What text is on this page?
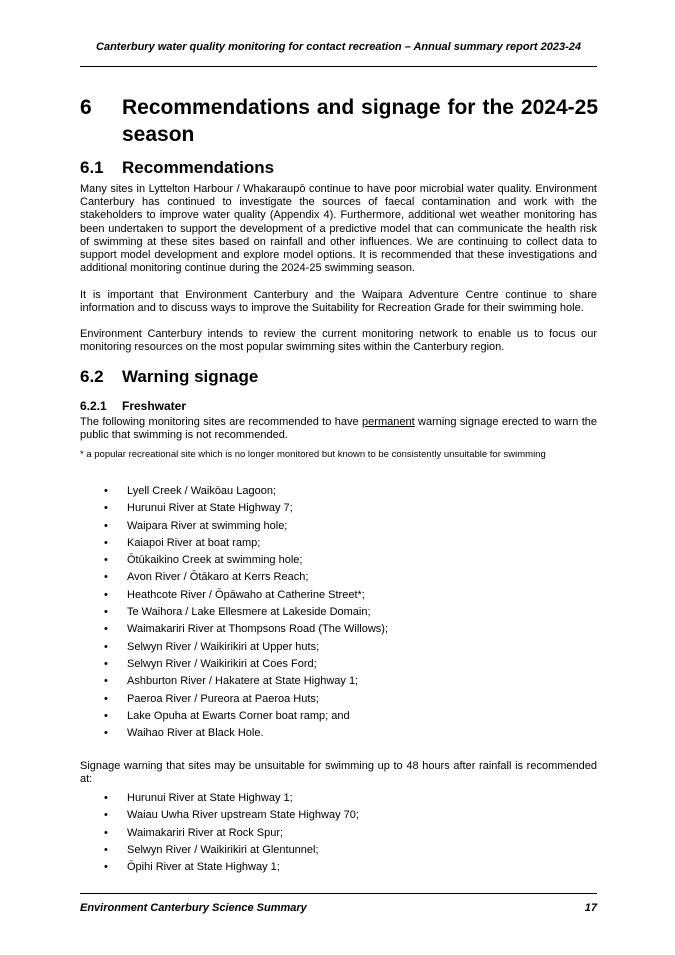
Canterbury water quality monitoring for contact recreation – Annual summary report 2023-24
6 Recommendations and signage for the 2024-25 season
6.1 Recommendations
Many sites in Lyttelton Harbour / Whakaraupō continue to have poor microbial water quality. Environment Canterbury has continued to investigate the sources of faecal contamination and work with the stakeholders to improve water quality (Appendix 4). Furthermore, additional wet weather monitoring has been undertaken to support the development of a predictive model that can communicate the health risk of swimming at these sites based on rainfall and other influences. We are continuing to collect data to support model development and explore model options. It is recommended that these investigations and additional monitoring continue during the 2024-25 swimming season.
It is important that Environment Canterbury and the Waipara Adventure Centre continue to share information and to discuss ways to improve the Suitability for Recreation Grade for their swimming hole.
Environment Canterbury intends to review the current monitoring network to enable us to focus our monitoring resources on the most popular swimming sites within the Canterbury region.
6.2 Warning signage
6.2.1 Freshwater
The following monitoring sites are recommended to have permanent warning signage erected to warn the public that swimming is not recommended.
* a popular recreational site which is no longer monitored but known to be consistently unsuitable for swimming
• Lyell Creek / Waikōau Lagoon;
• Hurunui River at State Highway 7;
• Waipara River at swimming hole;
• Kaiapoi River at boat ramp;
• Ōtūkaikino Creek at swimming hole;
• Avon River / Ōtākaro at Kerrs Reach;
• Heathcote River / Ōpāwaho at Catherine Street*;
• Te Waihora / Lake Ellesmere at Lakeside Domain;
• Waimakariri River at Thompsons Road (The Willows);
• Selwyn River / Waikirikiri at Upper huts;
• Selwyn River / Waikirikiri at Coes Ford;
• Ashburton River / Hakatere at State Highway 1;
• Paeroa River / Pureora at Paeroa Huts;
• Lake Opuha at Ewarts Corner boat ramp; and
• Waihao River at Black Hole.
Signage warning that sites may be unsuitable for swimming up to 48 hours after rainfall is recommended at:
• Hurunui River at State Highway 1;
• Waiau Uwha River upstream State Highway 70;
• Waimakariri River at Rock Spur;
• Selwyn River / Waikirikiri at Glentunnel;
• Ōpihi River at State Highway 1;
Environment Canterbury Science Summary	17
